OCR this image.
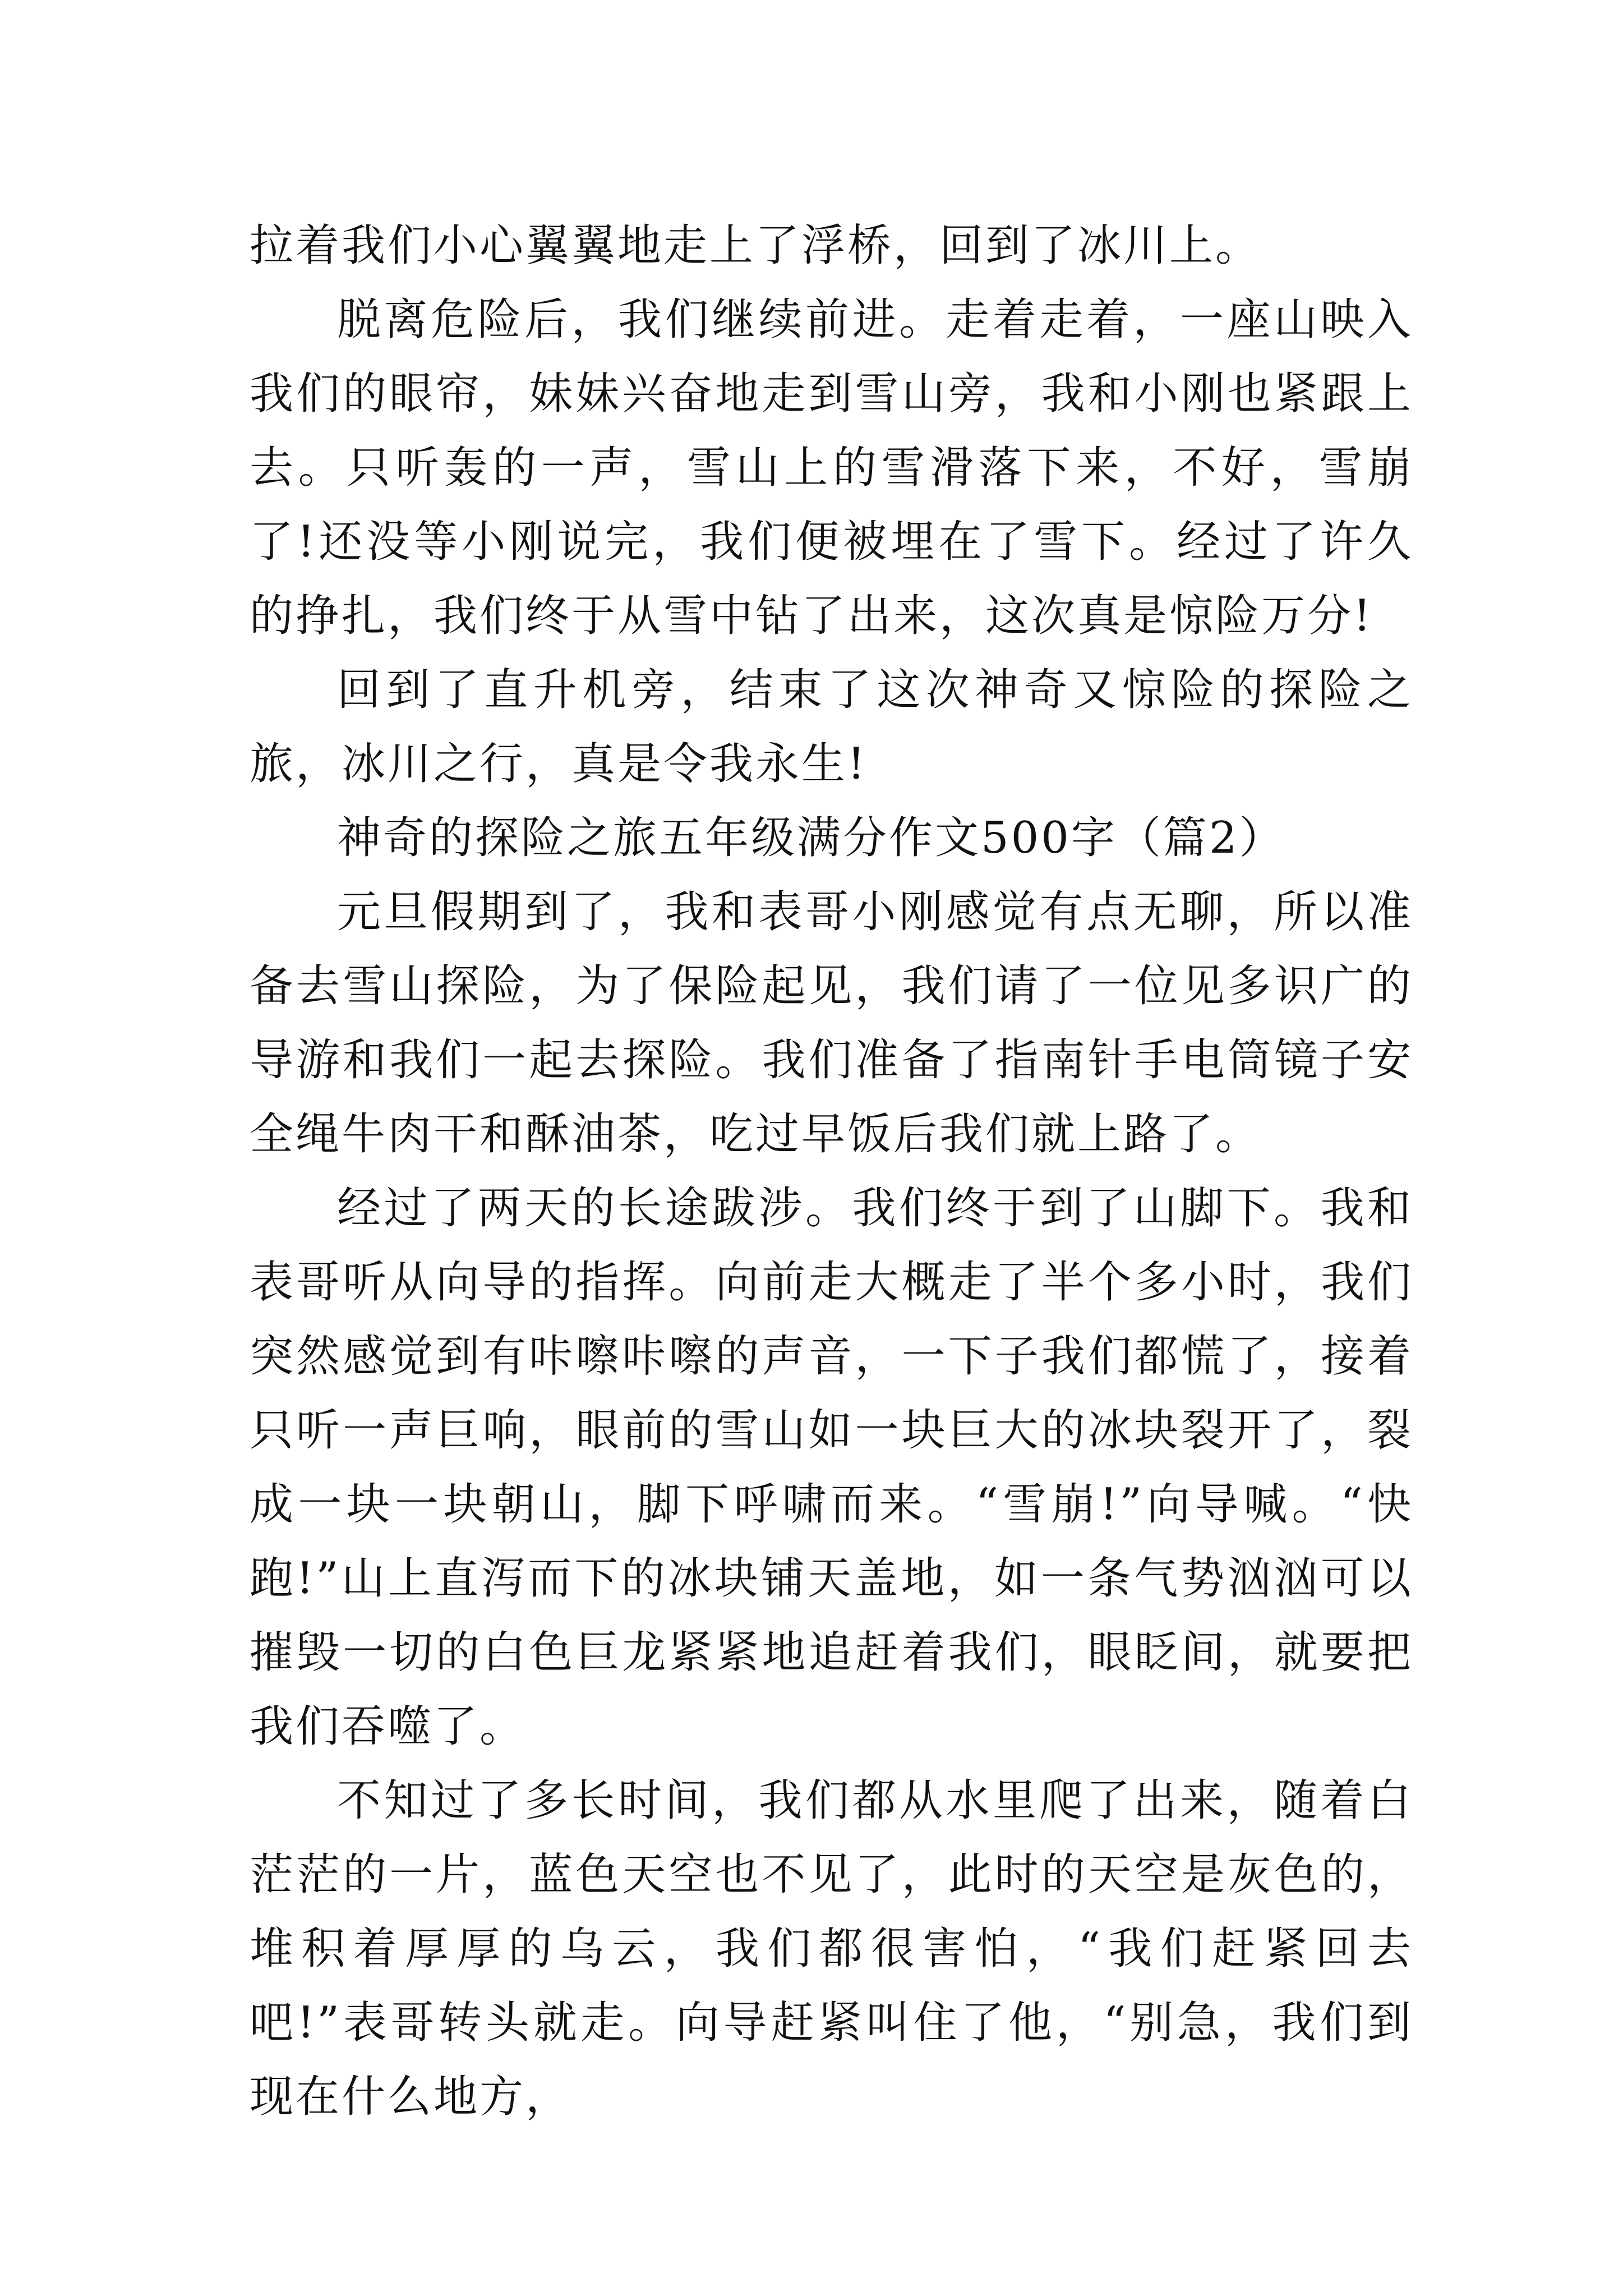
拉着我们小心翼翼地走上了浮桥，回到了冰川上。

脱离危险后，我们继续前进。走着走着，一座山映入我们的眼帘，妹妹兴奋地走到雪山旁，我和小刚也紧跟上去。只听轰的一声，雪山上的雪滑落下来，不好，雪崩了!还没等小刚说完，我们便被埋在了雪下。经过了许久的挣扎，我们终于从雪中钻了出来，这次真是惊险万分!

回到了直升机旁，结束了这次神奇又惊险的探险之旅，冰川之行，真是令我永生!

神奇的探险之旅五年级满分作文500字（篇2）

元旦假期到了，我和表哥小刚感觉有点无聊，所以准备去雪山探险，为了保险起见，我们请了一位见多识广的导游和我们一起去探险。我们准备了指南针手电筒镜子安全绳牛肉干和酥油茶，吃过早饭后我们就上路了。

经过了两天的长途跋涉。我们终于到了山脚下。我和表哥听从向导的指挥。向前走大概走了半个多小时，我们突然感觉到有咔嚓咔嚓的声音，一下子我们都慌了，接着只听一声巨响，眼前的雪山如一块巨大的冰块裂开了，裂成一块一块朝山，脚下呼啸而来。“雪崩!”向导喊。“快跑!”山上直泻而下的冰块铺天盖地，如一条气势汹汹可以摧毁一切的白色巨龙紧紧地追赶着我们，眼眨间，就要把我们吞噬了。

不知过了多长时间，我们都从水里爬了出来，随着白茫茫的一片，蓝色天空也不见了，此时的天空是灰色的，堆积着厚厚的乌云，我们都很害怕，“我们赶紧回去吧!”表哥转头就走。向导赶紧叫住了他，“别急，我们到现在什么地方，
